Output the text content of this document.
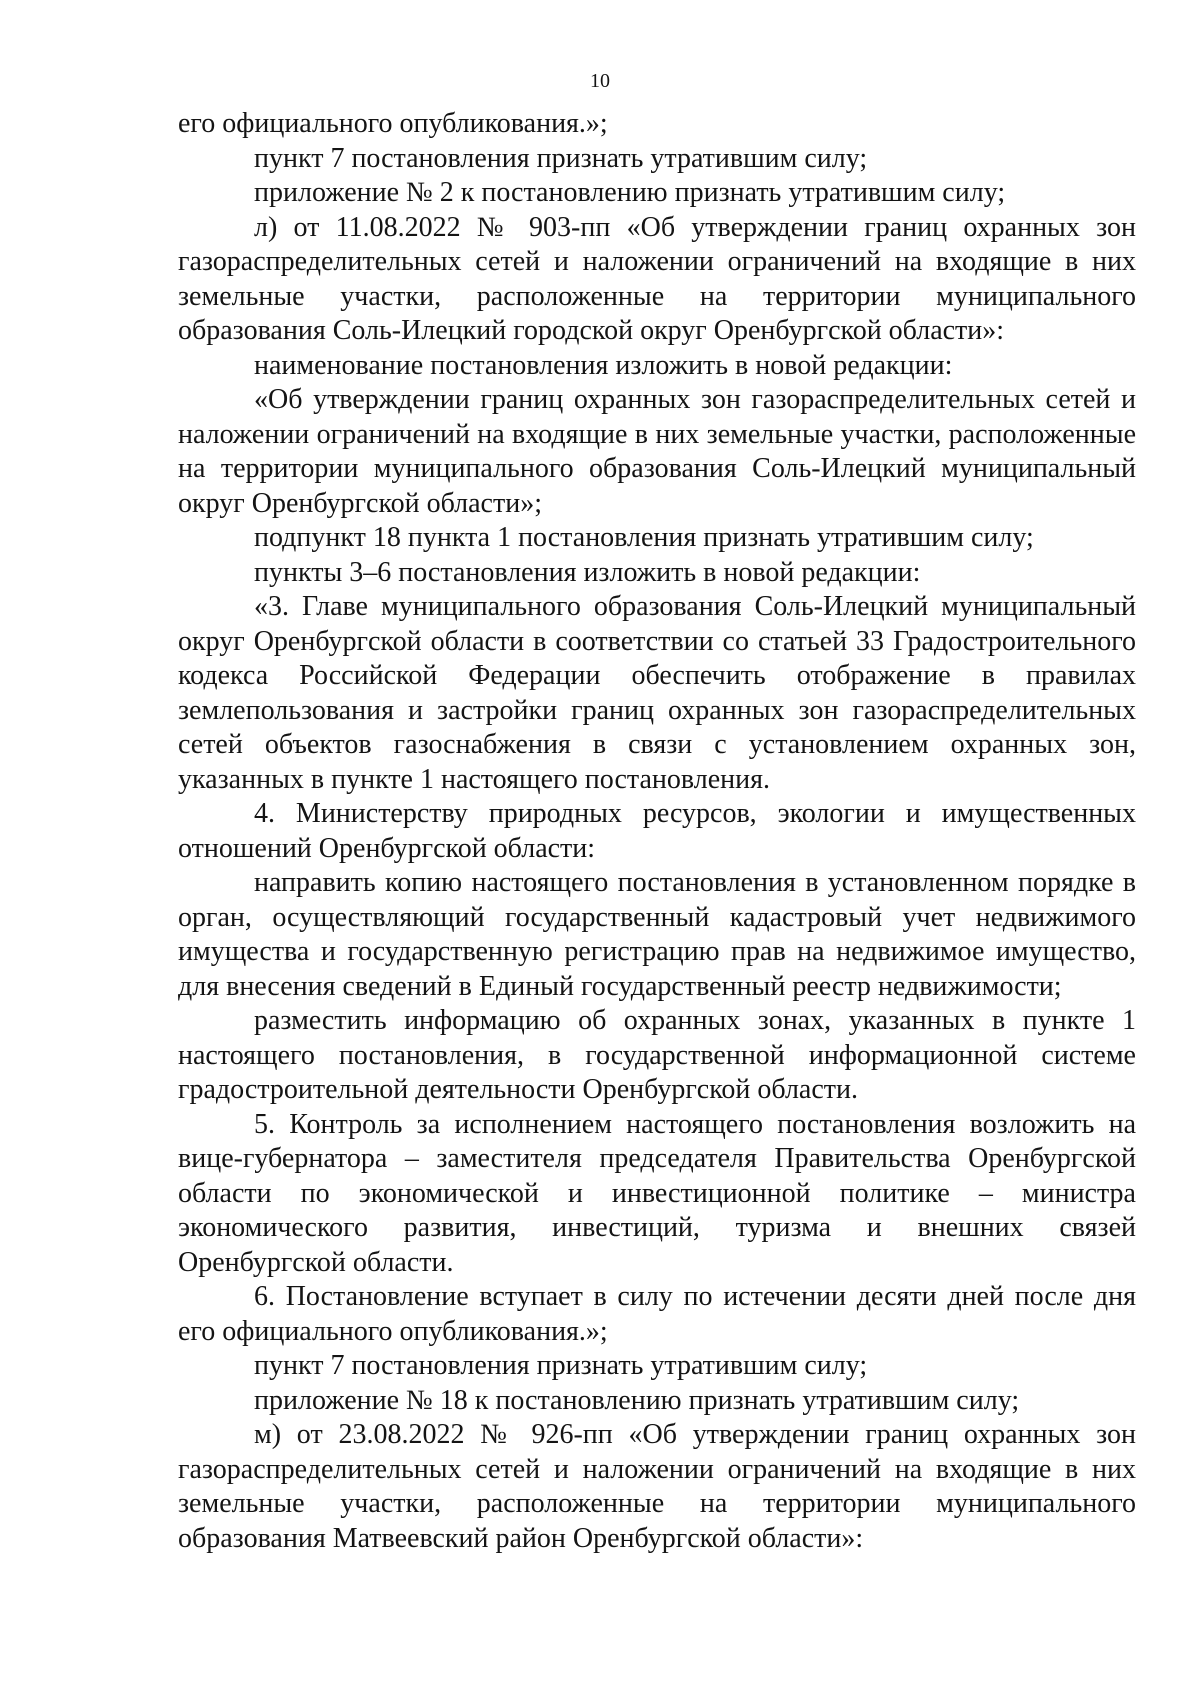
10

его официального опубликования.»;

пункт 7 постановления признать утратившим силу;

приложение № 2 к постановлению признать утратившим силу;

л) от 11.08.2022 № 903-пп «Об утверждении границ охранных зон газораспределительных сетей и наложении ограничений на входящие в них земельные участки, расположенные на территории муниципального образования Соль-Илецкий городской округ Оренбургской области»:

наименование постановления изложить в новой редакции:

«Об утверждении границ охранных зон газораспределительных сетей и наложении ограничений на входящие в них земельные участки, расположенные на территории муниципального образования Соль-Илецкий муниципальный округ Оренбургской области»;

подпункт 18 пункта 1 постановления признать утратившим силу;

пункты 3–6 постановления изложить в новой редакции:

«3. Главе муниципального образования Соль-Илецкий муниципальный округ Оренбургской области в соответствии со статьей 33 Градостроительного кодекса Российской Федерации обеспечить отображение в правилах землепользования и застройки границ охранных зон газораспределительных сетей объектов газоснабжения в связи с установлением охранных зон, указанных в пункте 1 настоящего постановления.

4. Министерству природных ресурсов, экологии и имущественных отношений Оренбургской области:

направить копию настоящего постановления в установленном порядке в орган, осуществляющий государственный кадастровый учет недвижимого имущества и государственную регистрацию прав на недвижимое имущество, для внесения сведений в Единый государственный реестр недвижимости;

разместить информацию об охранных зонах, указанных в пункте 1 настоящего постановления, в государственной информационной системе градостроительной деятельности Оренбургской области.

5. Контроль за исполнением настоящего постановления возложить на вице-губернатора – заместителя председателя Правительства Оренбургской области по экономической и инвестиционной политике – министра экономического развития, инвестиций, туризма и внешних связей Оренбургской области.

6. Постановление вступает в силу по истечении десяти дней после дня его официального опубликования.»;

пункт 7 постановления признать утратившим силу;

приложение № 18 к постановлению признать утратившим силу;

м) от 23.08.2022 № 926-пп «Об утверждении границ охранных зон газораспределительных сетей и наложении ограничений на входящие в них земельные участки, расположенные на территории муниципального образования Матвеевский район Оренбургской области»:
